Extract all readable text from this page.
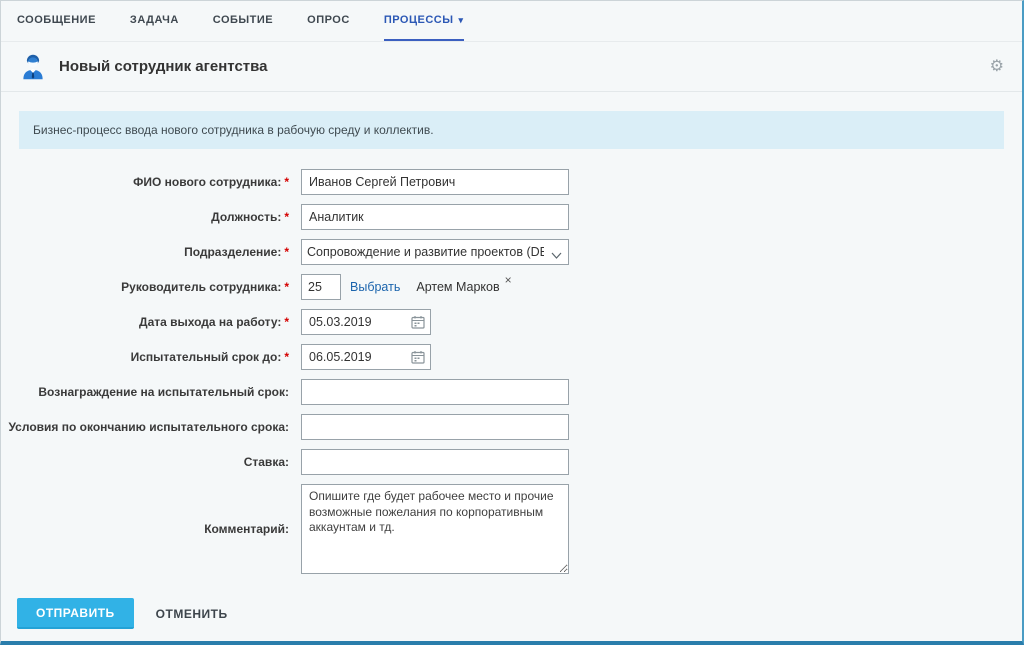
СООБЩЕНИЕ	ЗАДАЧА	СОБЫТИЕ	ОПРОС	ПРОЦЕССЫ ▾
Новый сотрудник агентства	⚙
Бизнес-процесс ввода нового сотрудника в рабочую среду и коллектив.
ФИО нового сотрудника: *
Иванов Сергей Петрович
Должность: *
Аналитик
Подразделение: *
Сопровождение и развитие проектов (DEV)
Руководитель сотрудника: *
25	Выбрать Артем Марков ×
Дата выхода на работу: *
05.03.2019
Испытательный срок до: *
06.05.2019
Вознаграждение на испытательный срок:
Условия по окончанию испытательного срока:
Ставка:
Комментарий:
Опишите где будет рабочее место и прочие возможные пожелания по корпоративным аккаунтам и тд.
ОТПРАВИТЬ	ОТМЕНИТЬ
